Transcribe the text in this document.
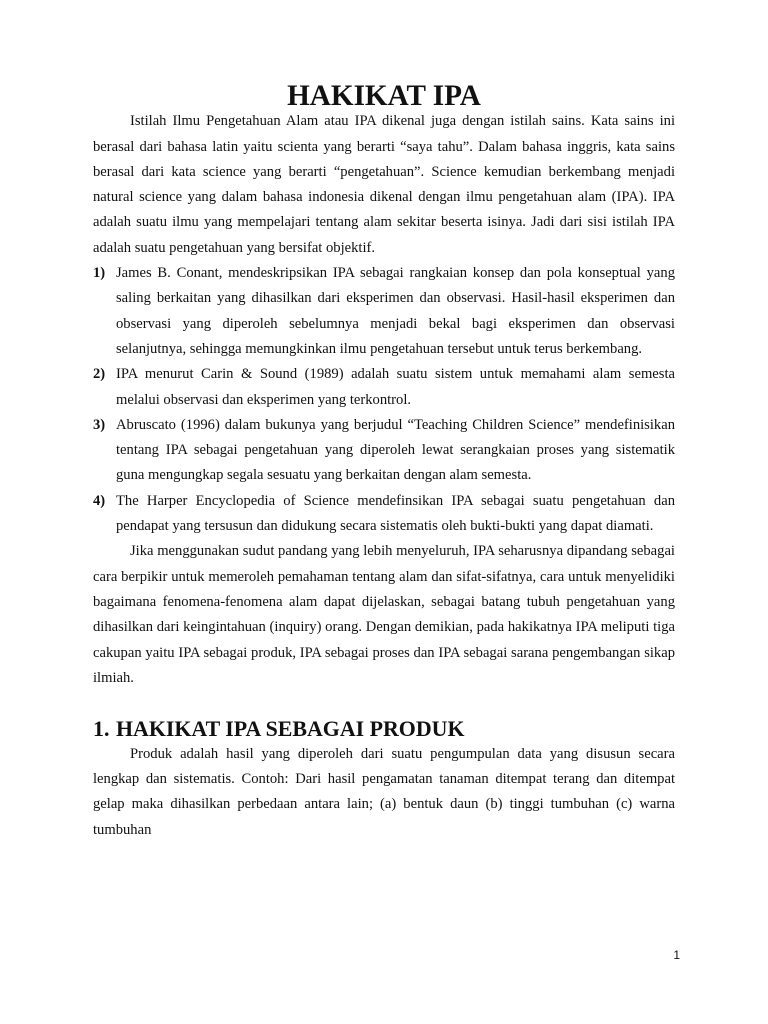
HAKIKAT IPA

Istilah Ilmu Pengetahuan Alam atau IPA dikenal juga dengan istilah sains. Kata sains ini berasal dari bahasa latin yaitu scienta yang berarti “saya tahu”. Dalam bahasa inggris, kata sains berasal dari kata science yang berarti “pengetahuan”. Science kemudian berkembang menjadi natural science yang dalam bahasa indonesia dikenal dengan ilmu pengetahuan alam (IPA). IPA adalah suatu ilmu yang mempelajari tentang alam sekitar beserta isinya. Jadi dari sisi istilah IPA adalah suatu pengetahuan yang bersifat objektif.

1) James B. Conant, mendeskripsikan IPA sebagai rangkaian konsep dan pola konseptual yang saling berkaitan yang dihasilkan dari eksperimen dan observasi. Hasil-hasil eksperimen dan observasi yang diperoleh sebelumnya menjadi bekal bagi eksperimen dan observasi selanjutnya, sehingga memungkinkan ilmu pengetahuan tersebut untuk terus berkembang.
2) IPA menurut Carin & Sound (1989) adalah suatu sistem untuk memahami alam semesta melalui observasi dan eksperimen yang terkontrol.
3) Abruscato (1996) dalam bukunya yang berjudul “Teaching Children Science” mendefinisikan tentang IPA sebagai pengetahuan yang diperoleh lewat serangkaian proses yang sistematik guna mengungkap segala sesuatu yang berkaitan dengan alam semesta.
4) The Harper Encyclopedia of Science mendefinsikan IPA sebagai suatu pengetahuan dan pendapat yang tersusun dan didukung secara sistematis oleh bukti-bukti yang dapat diamati.

Jika menggunakan sudut pandang yang lebih menyeluruh, IPA seharusnya dipandang sebagai cara berpikir untuk memeroleh pemahaman tentang alam dan sifat-sifatnya, cara untuk menyelidiki bagaimana fenomena-fenomena alam dapat dijelaskan, sebagai batang tubuh pengetahuan yang dihasilkan dari keingintahuan (inquiry) orang. Dengan demikian, pada hakikatnya IPA meliputi tiga cakupan yaitu IPA sebagai produk, IPA sebagai proses dan IPA sebagai sarana pengembangan sikap ilmiah.

1. HAKIKAT IPA SEBAGAI PRODUK

Produk adalah hasil yang diperoleh dari suatu pengumpulan data yang disusun secara lengkap dan sistematis. Contoh: Dari hasil pengamatan tanaman ditempat terang dan ditempat gelap maka dihasilkan perbedaan antara lain; (a) bentuk daun (b) tinggi tumbuhan (c) warna tumbuhan

1
